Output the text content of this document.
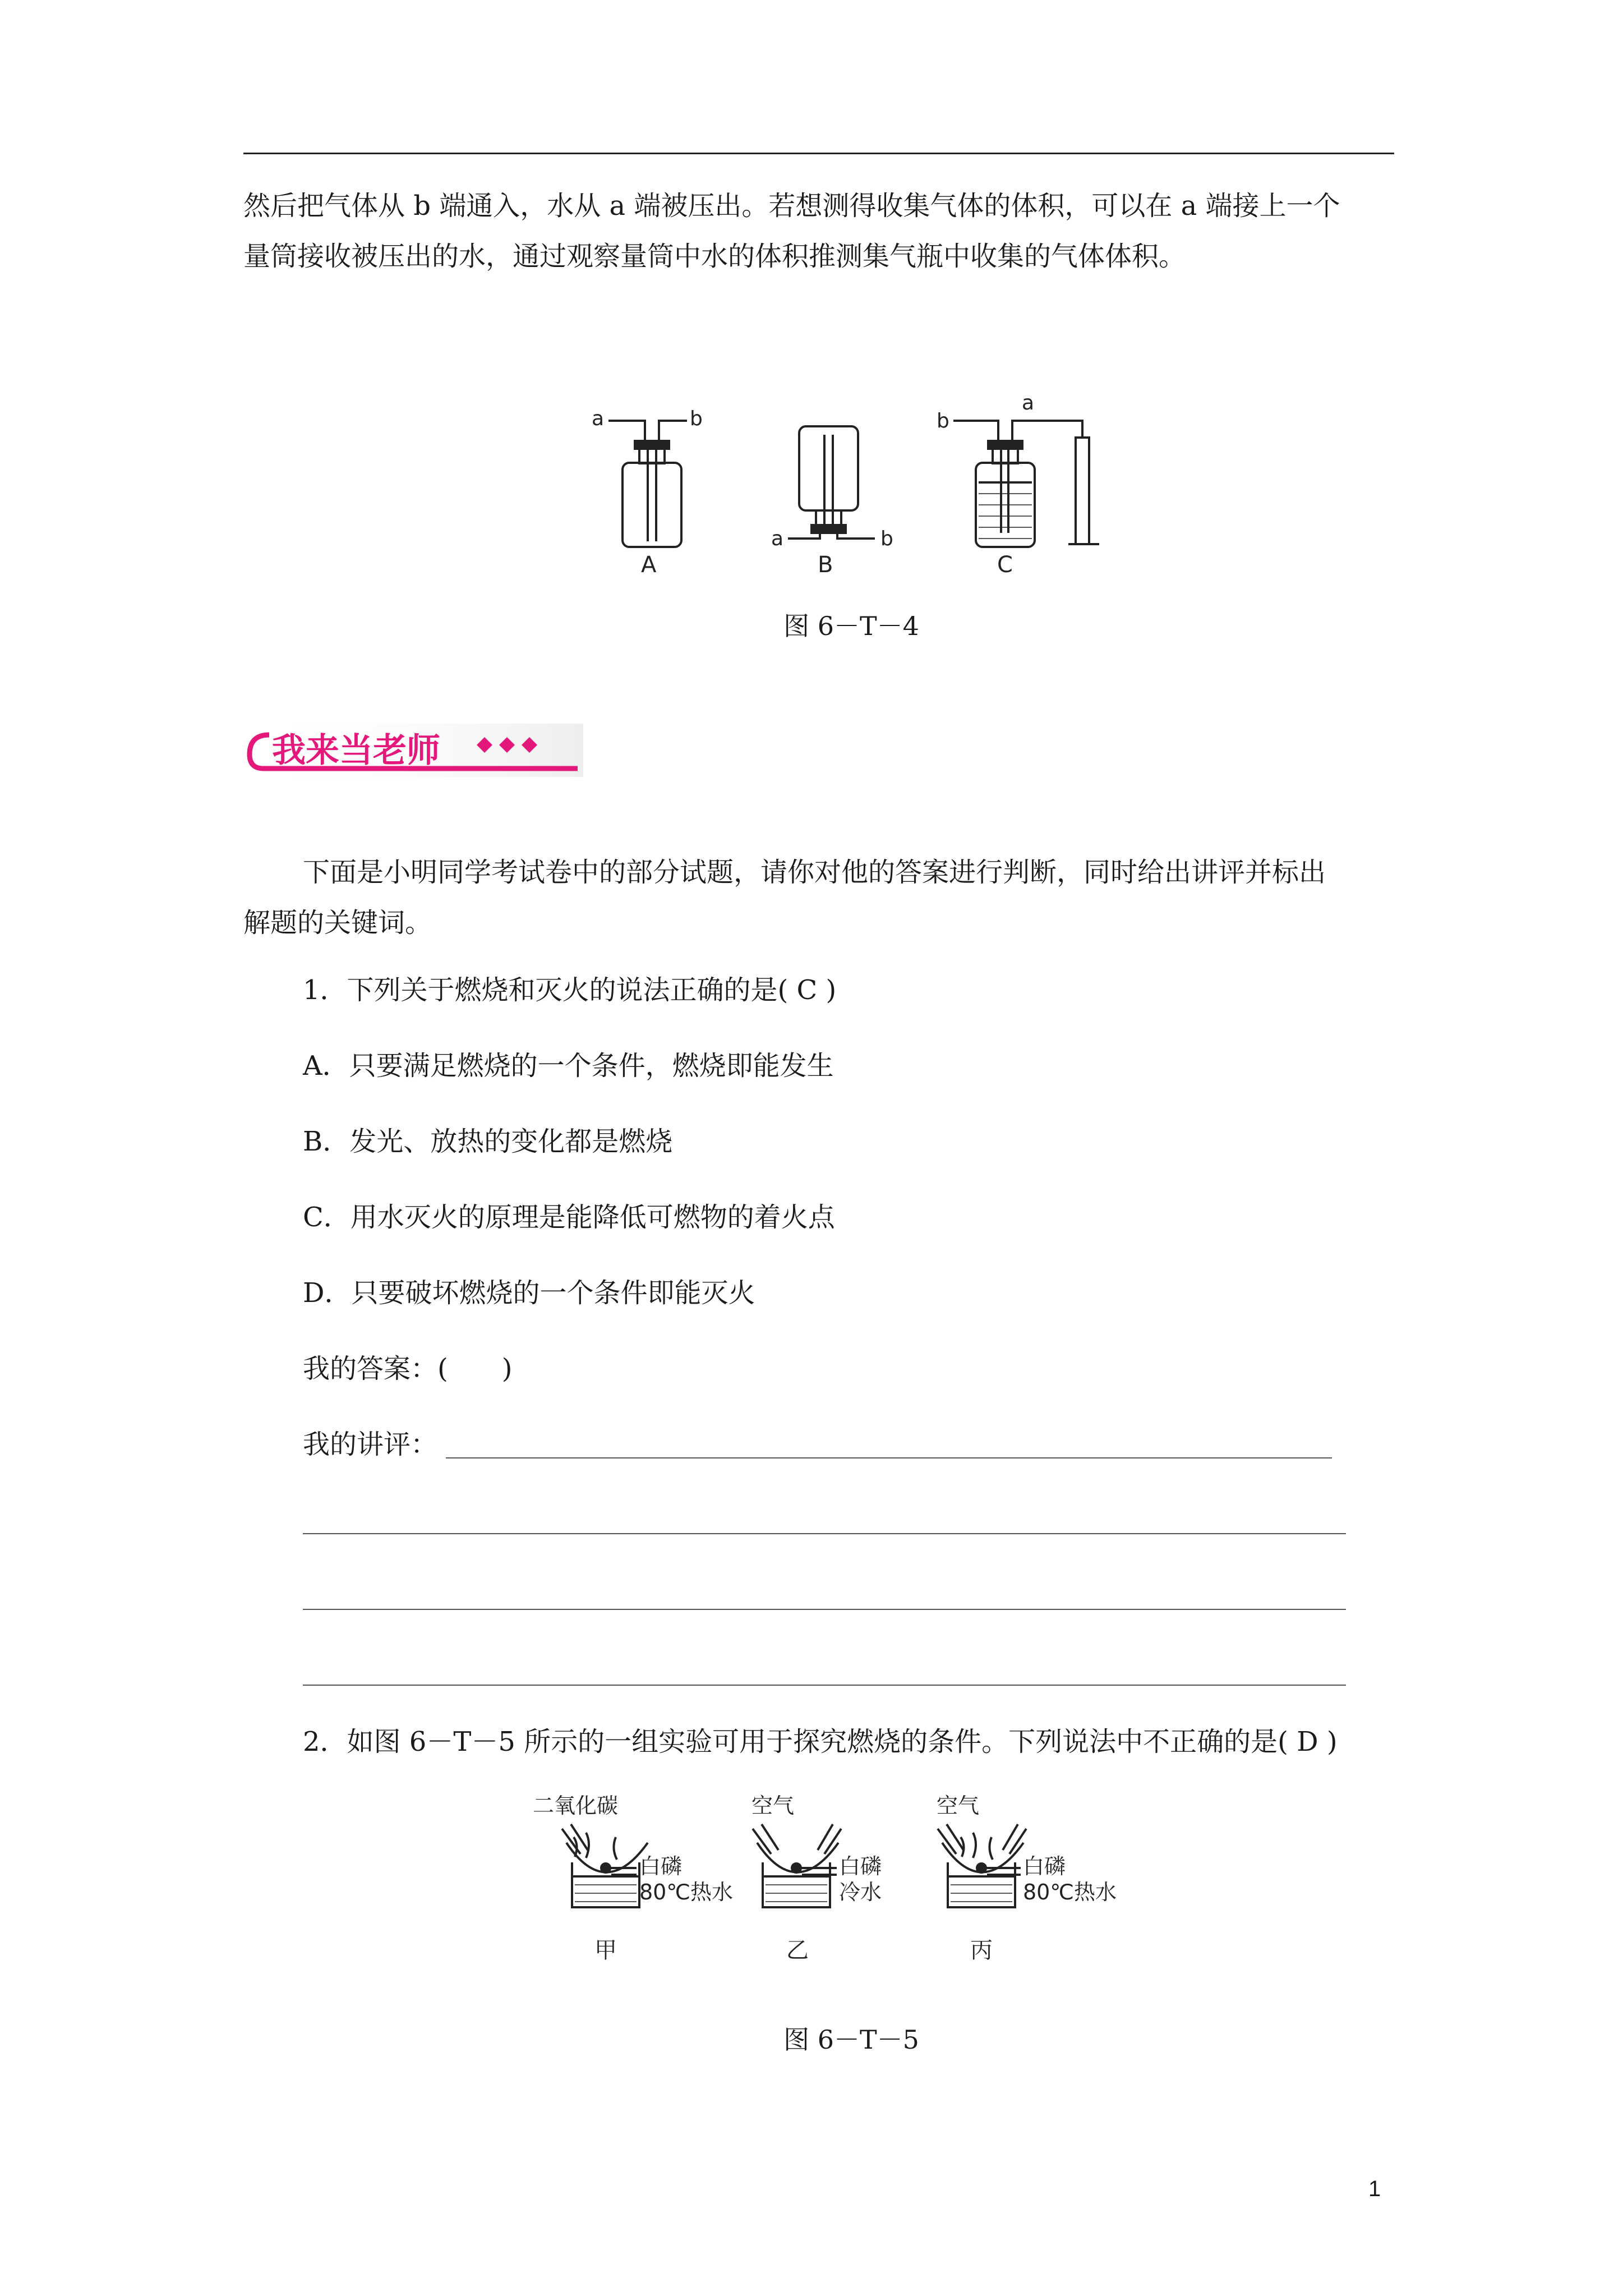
然后把气体从 b 端通入，水从 a 端被压出。若想测得收集气体的体积，可以在 a 端接上一个
量筒接收被压出的水，通过观察量筒中水的体积推测集气瓶中收集的气体体积。
a	b
A
a	b
B
b
a
C
图 6－T－4
我来当老师
下面是小明同学考试卷中的部分试题，请你对他的答案进行判断，同时给出讲评并标出
解题的关键词。
1．下列关于燃烧和灭火的说法正确的是( C )
A．只要满足燃烧的一个条件，燃烧即能发生
B．发光、放热的变化都是燃烧
C．用水灭火的原理是能降低可燃物的着火点
D．只要破坏燃烧的一个条件即能灭火
我的答案：(　　)
我的讲评：
2．如图 6－T－5 所示的一组实验可用于探究燃烧的条件。下列说法中不正确的是( D )
二氧化碳
白磷
80℃热水
甲
空气
白磷
冷水
乙
空气
白磷
80℃热水
丙
图 6－T－5
1
